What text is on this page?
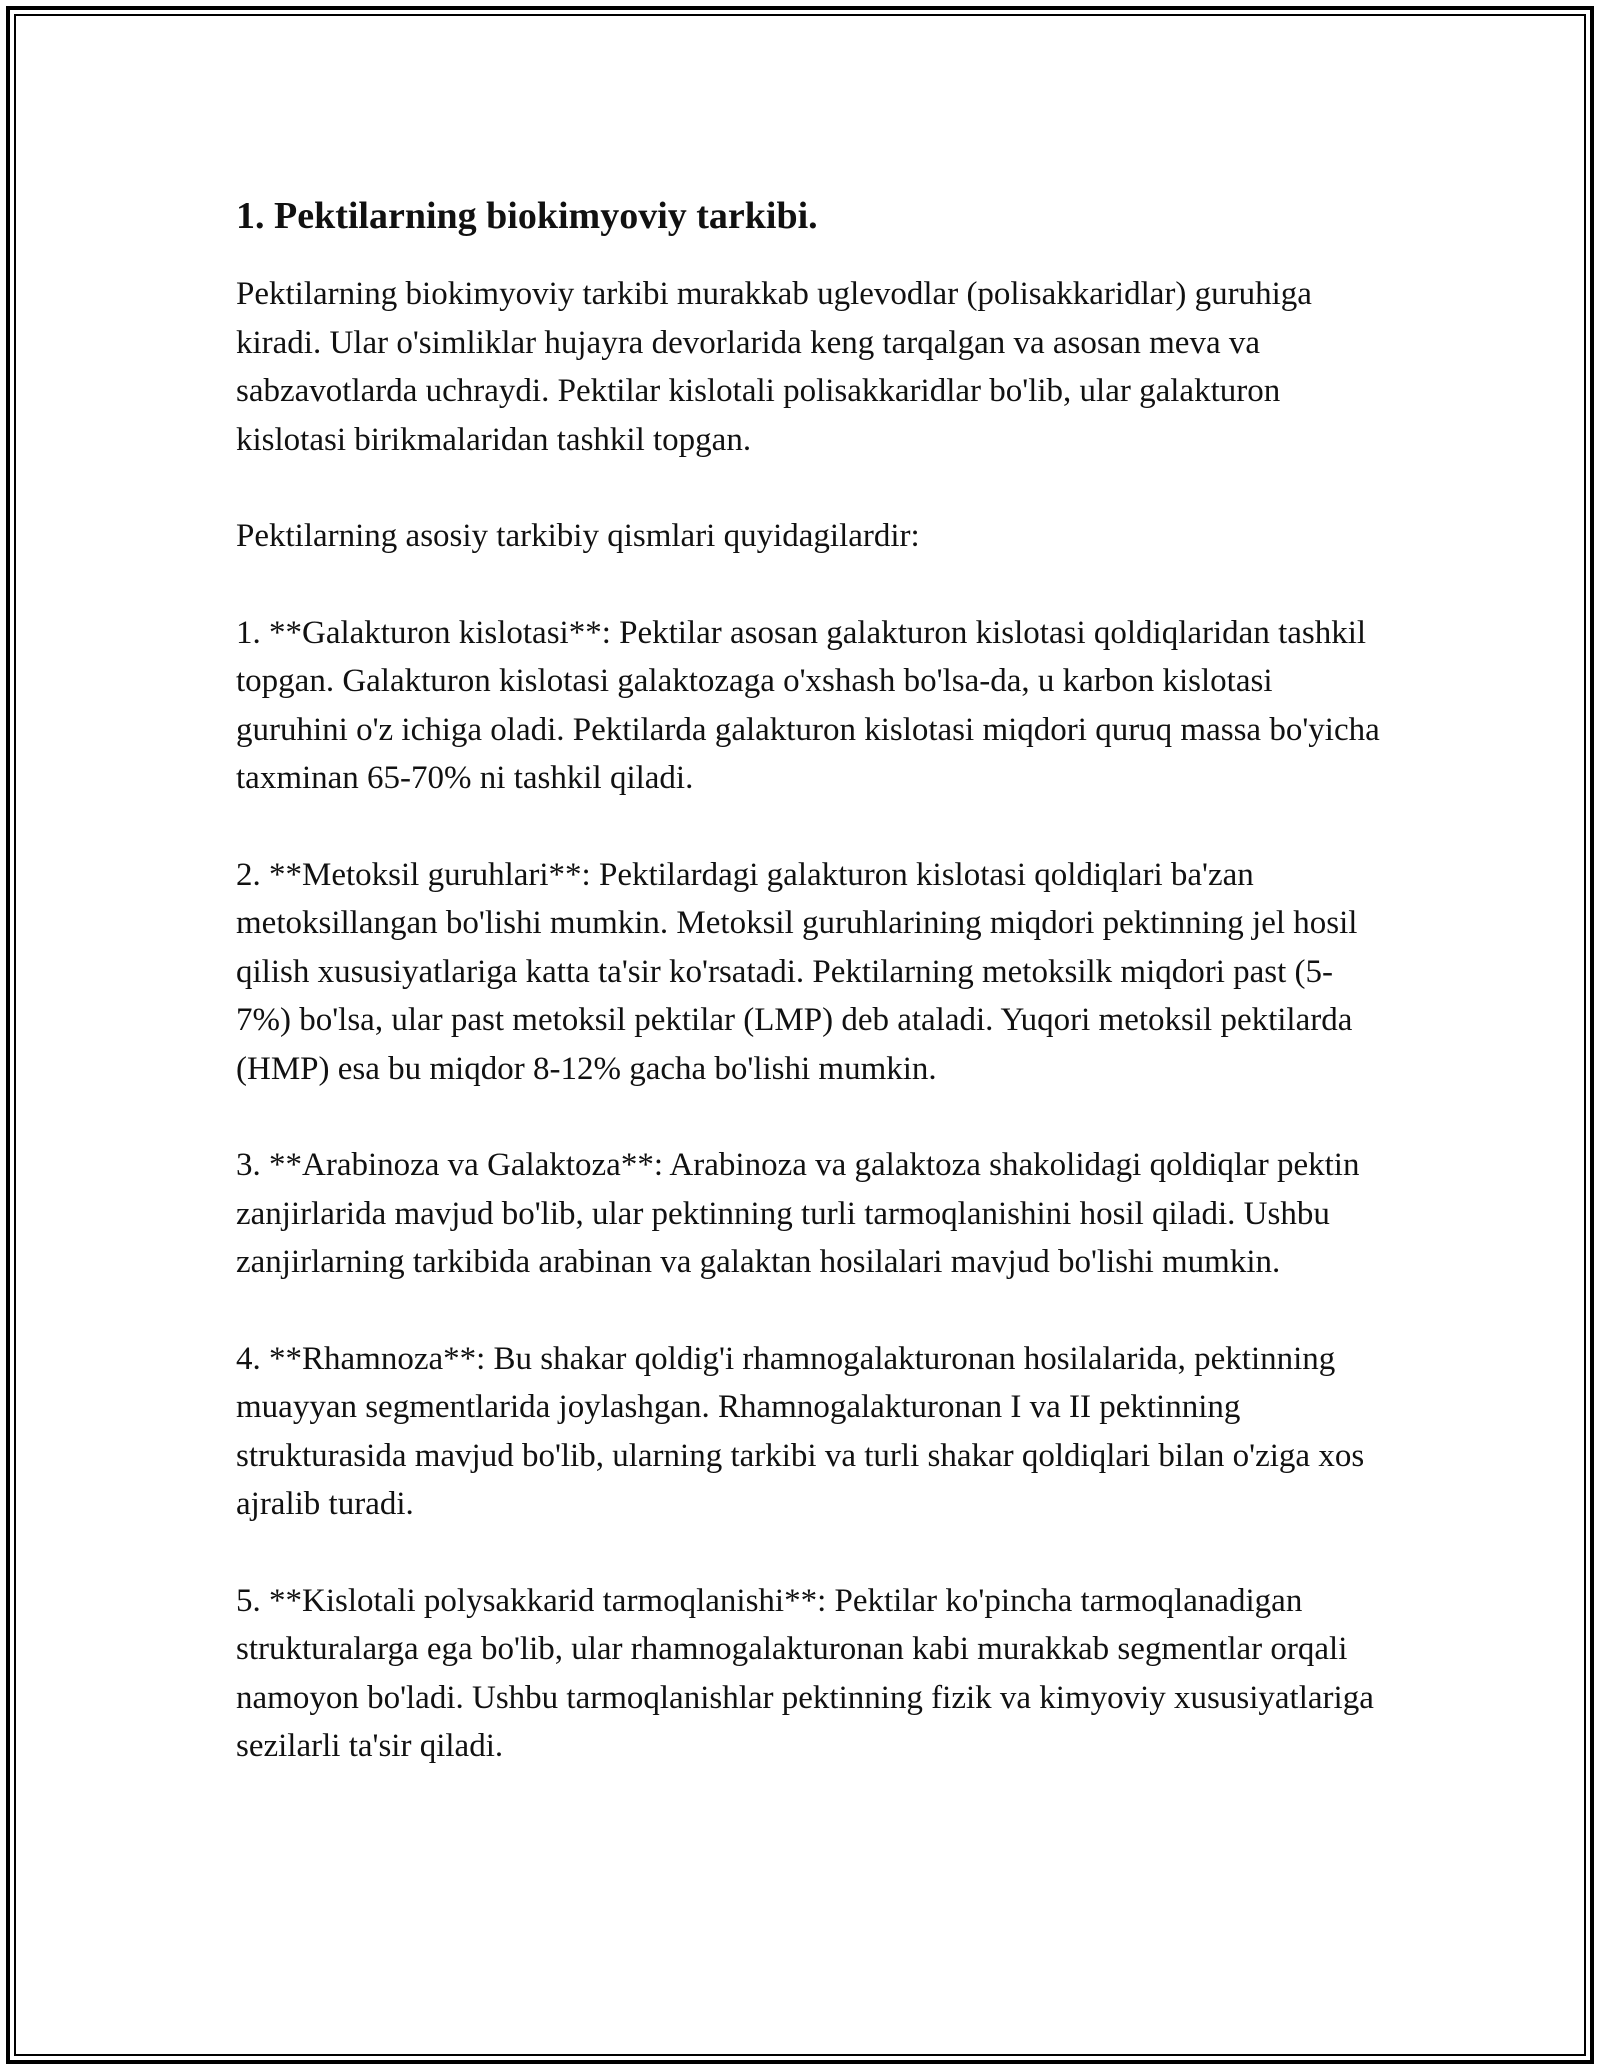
1. Pektilarning biokimyoviy tarkibi.

Pektilarning biokimyoviy tarkibi murakkab uglevodlar (polisakkaridlar) guruhiga kiradi. Ular o'simliklar hujayra devorlarida keng tarqalgan va asosan meva va sabzavotlarda uchraydi. Pektilar kislotali polisakkaridlar bo'lib, ular galakturon kislotasi birikmalaridan tashkil topgan.

Pektilarning asosiy tarkibiy qismlari quyidagilardir:

1. **Galakturon kislotasi**: Pektilar asosan galakturon kislotasi qoldiqlaridan tashkil topgan. Galakturon kislotasi galaktozaga o'xshash bo'lsa-da, u karbon kislotasi guruhini o'z ichiga oladi. Pektilarda galakturon kislotasi miqdori quruq massa bo'yicha taxminan 65-70% ni tashkil qiladi.

2. **Metoksil guruhlari**: Pektilardagi galakturon kislotasi qoldiqlari ba'zan metoksillangan bo'lishi mumkin. Metoksil guruhlarining miqdori pektinning jel hosil qilish xususiyatlariga katta ta'sir ko'rsatadi. Pektilarning metoksilk miqdori past (5-7%) bo'lsa, ular past metoksil pektilar (LMP) deb ataladi. Yuqori metoksil pektilarda (HMP) esa bu miqdor 8-12% gacha bo'lishi mumkin.

3. **Arabinoza va Galaktoza**: Arabinoza va galaktoza shakolidagi qoldiqlar pektin zanjirlarida mavjud bo'lib, ular pektinning turli tarmoqlanishini hosil qiladi. Ushbu zanjirlarning tarkibida arabinan va galaktan hosilalari mavjud bo'lishi mumkin.

4. **Rhamnoza**: Bu shakar qoldig'i rhamnogalakturonan hosilalarida, pektinning muayyan segmentlarida joylashgan. Rhamnogalakturonan I va II pektinning strukturasida mavjud bo'lib, ularning tarkibi va turli shakar qoldiqlari bilan o'ziga xos ajralib turadi.

5. **Kislotali polysakkarid tarmoqlanishi**: Pektilar ko'pincha tarmoqlanadigan strukturalarga ega bo'lib, ular rhamnogalakturonan kabi murakkab segmentlar orqali namoyon bo'ladi. Ushbu tarmoqlanishlar pektinning fizik va kimyoviy xususiyatlariga sezilarli ta'sir qiladi.
